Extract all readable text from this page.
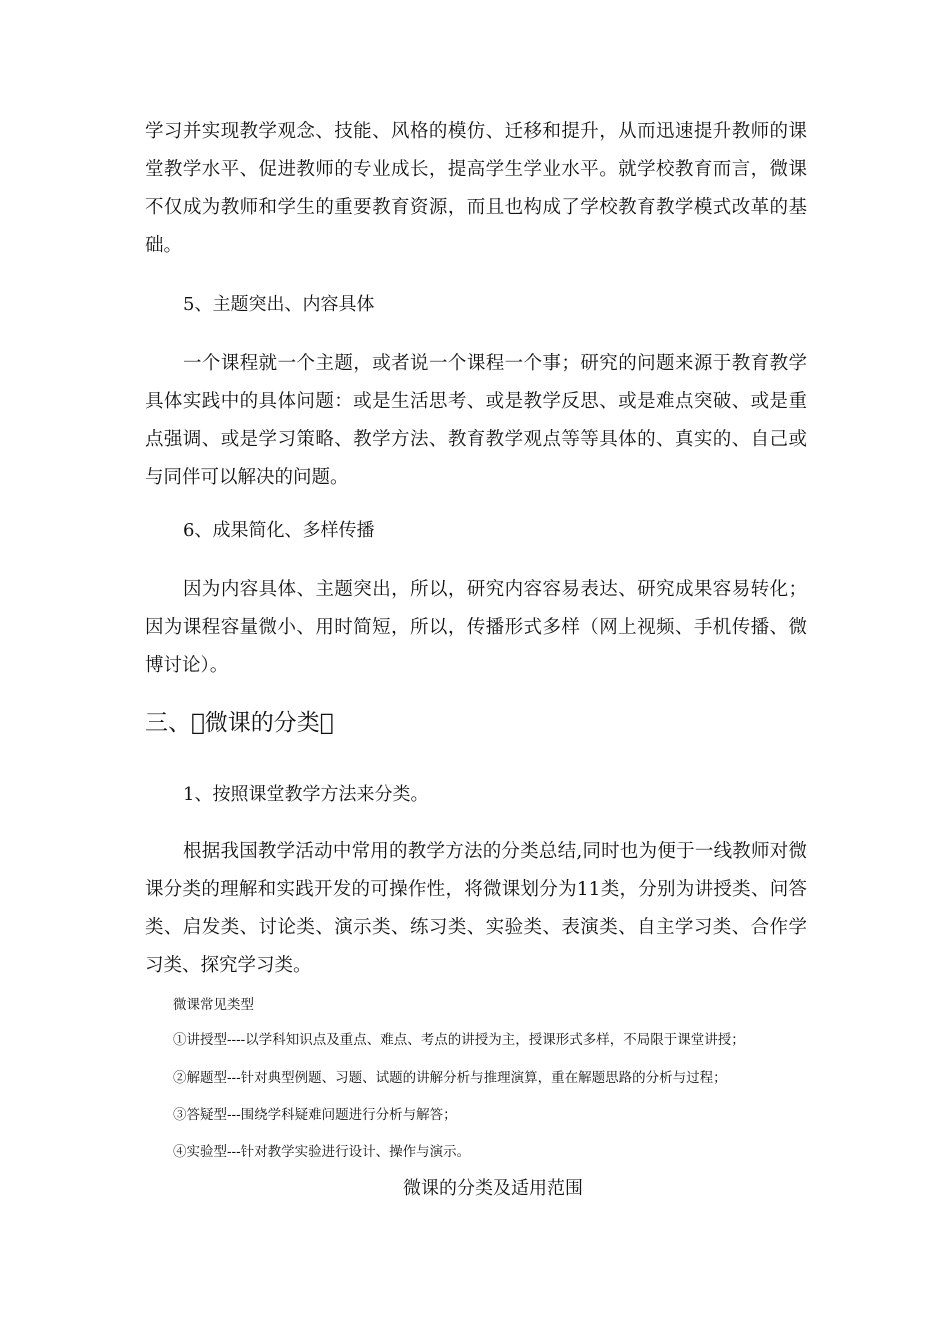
学习并实现教学观念、技能、风格的模仿、迁移和提升，从而迅速提升教师的课堂教学水平、促进教师的专业成长，提高学生学业水平。就学校教育而言，微课不仅成为教师和学生的重要教育资源，而且也构成了学校教育教学模式改革的基础。

5、主题突出、内容具体

一个课程就一个主题，或者说一个课程一个事；研究的问题来源于教育教学具体实践中的具体问题：或是生活思考、或是教学反思、或是难点突破、或是重点强调、或是学习策略、教学方法、教育教学观点等等具体的、真实的、自己或与同伴可以解决的问题。

6、成果简化、多样传播

因为内容具体、主题突出，所以，研究内容容易表达、研究成果容易转化；因为课程容量微小、用时简短，所以，传播形式多样（网上视频、手机传播、微博讨论）。

三、 微课的分类 

1、按照课堂教学方法来分类。

根据我国教学活动中常用的教学方法的分类总结,同时也为便于一线教师对微课分类的理解和实践开发的可操作性，将微课划分为11类，分别为讲授类、问答类、启发类、讨论类、演示类、练习类、实验类、表演类、自主学习类、合作学习类、探究学习类。

微课常见类型

①讲授型----以学科知识点及重点、难点、考点的讲授为主，授课形式多样，不局限于课堂讲授；

②解题型---针对典型例题、习题、试题的讲解分析与推理演算，重在解题思路的分析与过程；

③答疑型---围绕学科疑难问题进行分析与解答；

④实验型---针对教学实验进行设计、操作与演示。

微课的分类及适用范围
